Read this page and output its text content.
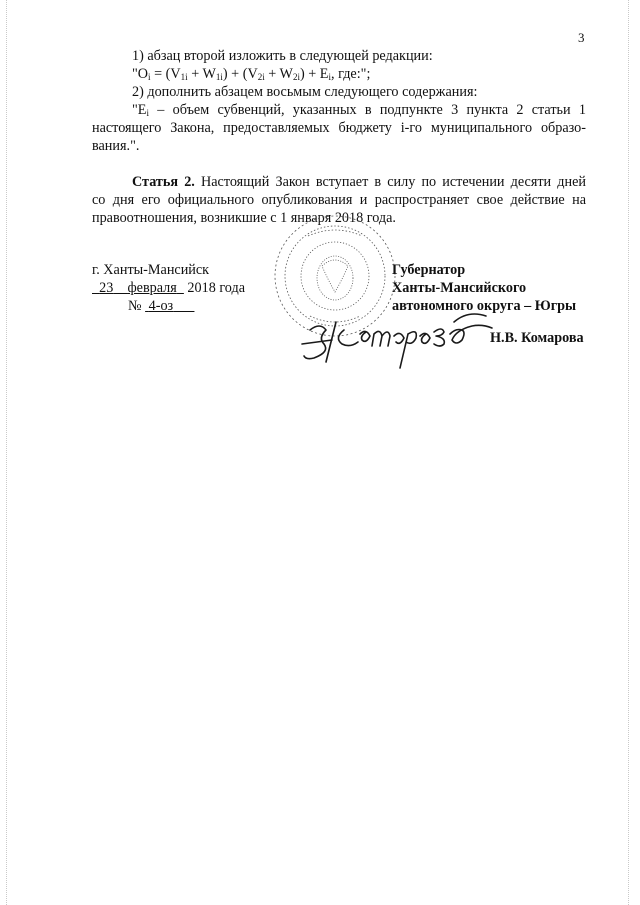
3
1) абзац второй изложить в следующей редакции:
"$O_i = (V_{1i} + W_{1i}) + (V_{2i} + W_{2i}) + E_i$, где:";
2) дополнить абзацем восьмым следующего содержания:
"$E_i$ – объем субвенций, указанных в подпункте 3 пункта 2 статьи 1
настоящего Закона, предоставляемых бюджету i-го муниципального образо-
вания.".
Статья 2. Настоящий Закон вступает в силу по истечении десяти дней
со дня его официального опубликования и распространяет свое действие на
правоотношения, возникшие с 1 января 2018 года.
г. Ханты-Мансийск
23 февраля 2018 года
№ 4-оз
Губернатор
Ханты-Мансийского
автономного округа – Югры
Н.В. Комарова
